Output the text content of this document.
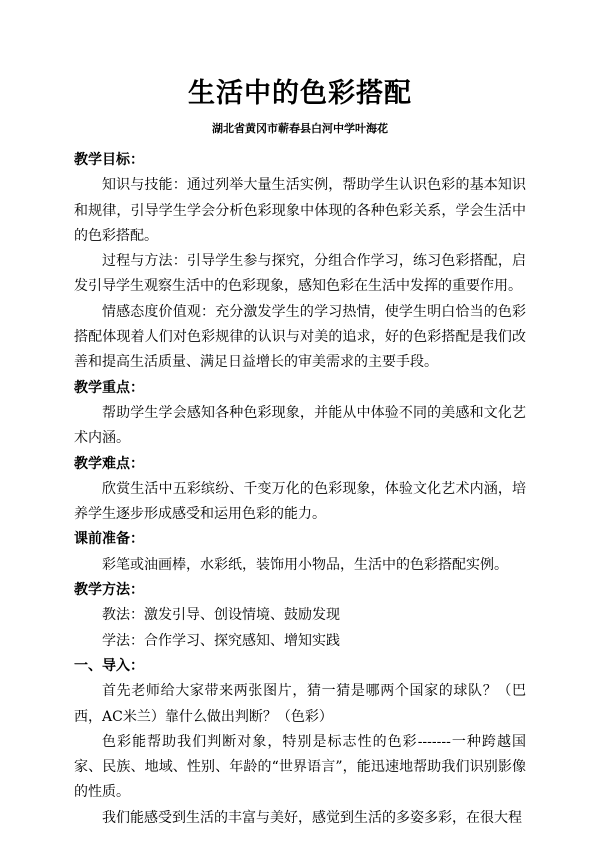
生活中的色彩搭配
湖北省黄冈市蕲春县白河中学叶海花

教学目标：

知识与技能：通过列举大量生活实例，帮助学生认识色彩的基本知识和规律，引导学生学会分析色彩现象中体现的各种色彩关系，学会生活中的色彩搭配。

过程与方法：引导学生参与探究，分组合作学习，练习色彩搭配，启发引导学生观察生活中的色彩现象，感知色彩在生活中发挥的重要作用。

情感态度价值观：充分激发学生的学习热情，使学生明白恰当的色彩搭配体现着人们对色彩规律的认识与对美的追求，好的色彩搭配是我们改善和提高生活质量、满足日益增长的审美需求的主要手段。

教学重点：

帮助学生学会感知各种色彩现象，并能从中体验不同的美感和文化艺术内涵。

教学难点：

欣赏生活中五彩缤纷、千变万化的色彩现象，体验文化艺术内涵，培养学生逐步形成感受和运用色彩的能力。

课前准备：

彩笔或油画棒，水彩纸，装饰用小物品，生活中的色彩搭配实例。

教学方法：

教法：激发引导、创设情境、鼓励发现

学法：合作学习、探究感知、增知实践

一、导入：

首先老师给大家带来两张图片，猜一猜是哪两个国家的球队？（巴西，AC米兰）靠什么做出判断？（色彩）

色彩能帮助我们判断对象，特别是标志性的色彩-------一种跨越国家、民族、地域、性别、年龄的“世界语言”，能迅速地帮助我们识别影像的性质。

我们能感受到生活的丰富与美好，感觉到生活的多姿多彩，在很大程
